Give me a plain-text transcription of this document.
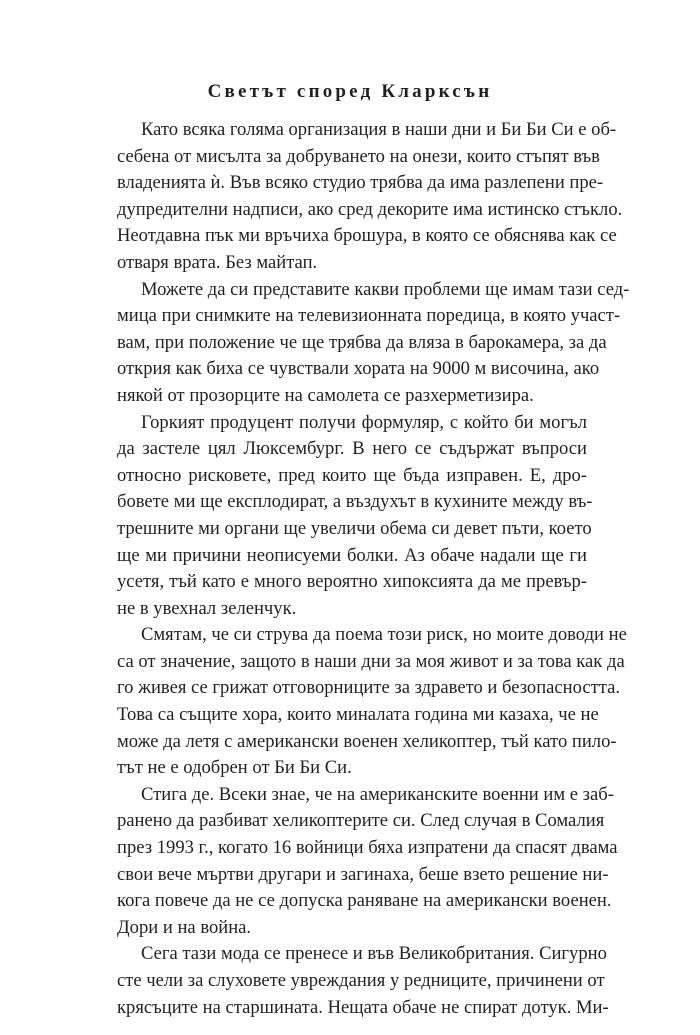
Светът според Кларксън

Като всяка голяма организация в наши дни и Би Би Си е об-
себена от мисълта за добруването на онези, които стъпят във
владенията ѝ. Във всяко студио трябва да има разлепени пре-
дупредителни надписи, ако сред декорите има истинско стъкло.
Неотдавна пък ми връчиха брошура, в която се обяснява как се
отваря врата. Без майтап.

Можете да си представите какви проблеми ще имам тази сед-
мица при снимките на телевизионната поредица, в която участ-
вам, при положение че ще трябва да вляза в барокамера, за да
открия как биха се чувствали хората на 9000 м височина, ако
някой от прозорците на самолета се разхерметизира.

Горкият продуцент получи формуляр, с който би могъл
да застеле цял Люксембург. В него се съдържат въпроси
относно рисковете, пред които ще бъда изправен. Е, дро-
бовете ми ще експлодират, а въздухът в кухините между въ-
трешните ми органи ще увеличи обема си девет пъти, което
ще ми причини неописуеми болки. Аз обаче надали ще ги
усетя, тъй като е много вероятно хипоксията да ме превър-
не в увехнал зеленчук.

Смятам, че си струва да поема този риск, но моите доводи не
са от значение, защото в наши дни за моя живот и за това как да
го живея се грижат отговорниците за здравето и безопасността.
Това са същите хора, които миналата година ми казаха, че не
може да летя с американски военен хеликоптер, тъй като пило-
тът не е одобрен от Би Би Си.

Стига де. Всеки знае, че на американските военни им е заб-
ранено да разбиват хеликоптерите си. След случая в Сомалия
през 1993 г., когато 16 войници бяха изпратени да спасят двама
свои вече мъртви другари и загинаха, беше взето решение ни-
кога повече да не се допуска раняване на американски военен.
Дори и на война.

Сега тази мода се пренесе и във Великобритания. Сигурно
сте чели за слуховете увреждания у редниците, причинени от
крясъците на старшината. Нещата обаче не спират дотук. Ми-
